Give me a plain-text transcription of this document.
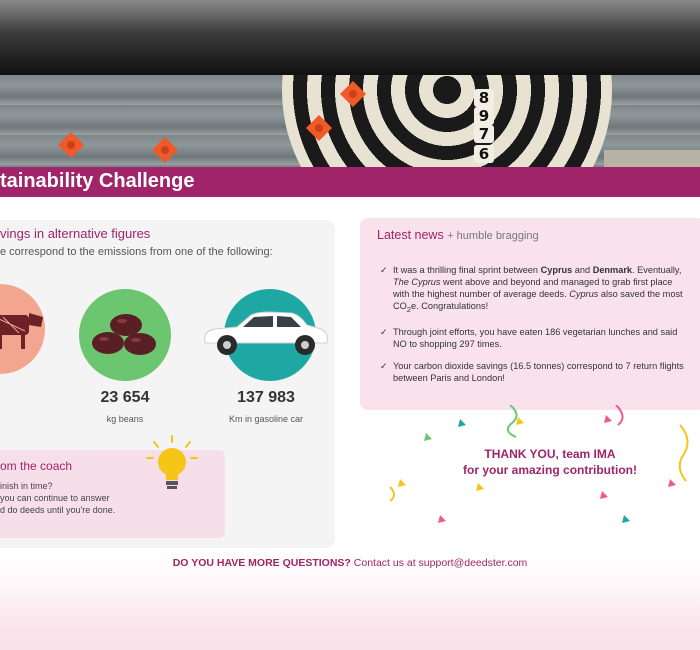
8
9
7
6
tainability Challenge
vings in alternative figures
e correspond to the emissions from one of the following:
23 654
kg beans
137 983
Km in gasoline car
om the coach
inish in time?
you can continue to answer
d do deeds until you're done.
Latest news + humble bragging
✓ It was a thrilling final sprint between Cyprus and Denmark. Eventually, The Cyprus went above and beyond and managed to grab first place with the highest number of average deeds. Cyprus also saved the most $CO_2e$. Congratulations!
✓ Through joint efforts, you have eaten 186 vegetarian lunches and said NO to shopping 297 times.
✓ Your carbon dioxide savings (16.5 tonnes) correspond to 7 return flights between Paris and London!
THANK YOU, team IMA
for your amazing contribution!
DO YOU HAVE MORE QUESTIONS? Contact us at support@deedster.com
